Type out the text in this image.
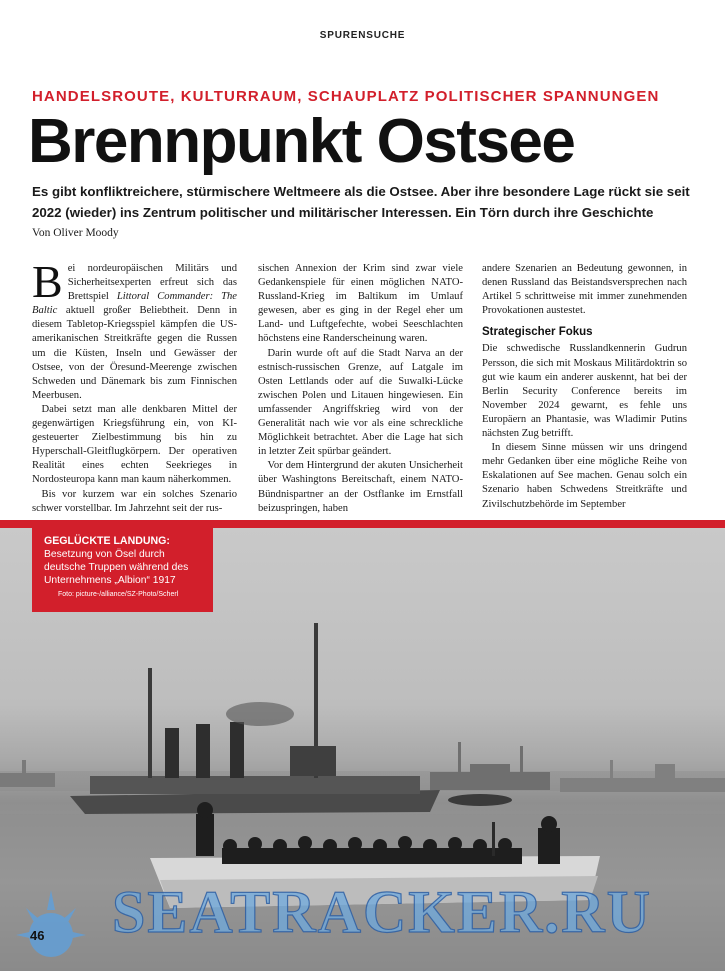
SPURENSUCHE
HANDELSROUTE, KULTURRAUM, SCHAUPLATZ POLITISCHER SPANNUNGEN
Brennpunkt Ostsee
Es gibt konfliktreichere, stürmischere Weltmeere als die Ostsee. Aber ihre besondere Lage rückt sie seit 2022 (wieder) ins Zentrum politischer und militärischer Interessen. Ein Törn durch ihre Geschichte
Von Oliver Moody

Bei nordeuropäischen Militärs und Sicherheitsexperten erfreut sich das Brettspiel Littoral Commander: The Baltic aktuell großer Beliebtheit. Denn in diesem Tabletop-Kriegsspiel kämpfen die US-amerikanischen Streitkräfte gegen die Russen um die Küsten, Inseln und Gewässer der Ostsee, von der Öresund-Meerenge zwischen Schweden und Dänemark bis zum Finnischen Meerbusen.

Dabei setzt man alle denkbaren Mittel der gegenwärtigen Kriegsführung ein, von KI-gesteuerter Zielbestimmung bis hin zu Hyperschall-Gleitflugkörpern. Der operativen Realität eines echten Seekrieges in Nordosteuropa kann man kaum näherkommen.

Bis vor kurzem war ein solches Szenario schwer vorstellbar. Im Jahrzehnt seit der rus-

sischen Annexion der Krim sind zwar viele Gedankenspiele für einen möglichen NATO-Russland-Krieg im Baltikum im Umlauf gewesen, aber es ging in der Regel eher um Land- und Luftgefechte, wobei Seeschlachten höchstens eine Randerscheinung waren.

Darin wurde oft auf die Stadt Narva an der estnisch-russischen Grenze, auf Latgale im Osten Lettlands oder auf die Suwalki-Lücke zwischen Polen und Litauen hingewiesen. Ein umfassender Angriffskrieg wird von der Generalität nach wie vor als eine schreckliche Möglichkeit betrachtet. Aber die Lage hat sich in letzter Zeit spürbar geändert.

Vor dem Hintergrund der akuten Unsicherheit über Washingtons Bereitschaft, einem NATO-Bündnispartner an der Ostflanke im Ernstfall beizuspringen, haben

andere Szenarien an Bedeutung gewonnen, in denen Russland das Beistandsversprechen nach Artikel 5 schrittweise mit immer zunehmenden Provokationen austestet.

Strategischer Fokus

Die schwedische Russlandkennerin Gudrun Persson, die sich mit Moskaus Militärdoktrin so gut wie kaum ein anderer auskennt, hat bei der Berlin Security Conference bereits im November 2024 gewarnt, es fehle uns Europäern an Phantasie, was Wladimir Putins nächsten Zug betrifft.

In diesem Sinne müssen wir uns dringend mehr Gedanken über eine mögliche Reihe von Eskalationen auf See machen. Genau solch ein Szenario haben Schwedens Streitkräfte und Zivilschutzbehörde im September

GEGLÜCKTE LANDUNG:
Besetzung von Ösel durch deutsche Truppen während des Unternehmens „Albion“ 1917
Foto: picture-/alliance/SZ-Photo/Scherl
SEATRACKER.RU
46
